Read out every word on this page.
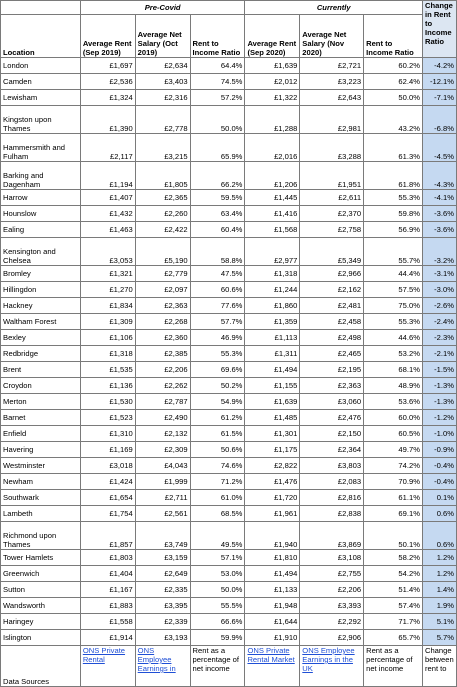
	Pre-Covid			Currently			Change in Rent to Income Ratio
Location	Average Rent (Sep 2019)	Average Net Salary (Oct 2019)	Rent to Income Ratio	Average Rent (Sep 2020)	Average Net Salary (Nov 2020)	Rent to Income Ratio	
London	£1,697	£2,634	64.4%	£1,639	£2,721	60.2%	-4.2%
Camden	£2,536	£3,403	74.5%	£2,012	£3,223	62.4%	-12.1%
Lewisham	£1,324	£2,316	57.2%	£1,322	£2,643	50.0%	-7.1%
Kingston upon Thames	£1,390	£2,778	50.0%	£1,288	£2,981	43.2%	-6.8%
Hammersmith and Fulham	£2,117	£3,215	65.9%	£2,016	£3,288	61.3%	-4.5%
Barking and Dagenham	£1,194	£1,805	66.2%	£1,206	£1,951	61.8%	-4.3%
Harrow	£1,407	£2,365	59.5%	£1,445	£2,611	55.3%	-4.1%
Hounslow	£1,432	£2,260	63.4%	£1,416	£2,370	59.8%	-3.6%
Ealing	£1,463	£2,422	60.4%	£1,568	£2,758	56.9%	-3.6%
Kensington and Chelsea	£3,053	£5,190	58.8%	£2,977	£5,349	55.7%	-3.2%
Bromley	£1,321	£2,779	47.5%	£1,318	£2,966	44.4%	-3.1%
Hillingdon	£1,270	£2,097	60.6%	£1,244	£2,162	57.5%	-3.0%
Hackney	£1,834	£2,363	77.6%	£1,860	£2,481	75.0%	-2.6%
Waltham Forest	£1,309	£2,268	57.7%	£1,359	£2,458	55.3%	-2.4%
Bexley	£1,106	£2,360	46.9%	£1,113	£2,498	44.6%	-2.3%
Redbridge	£1,318	£2,385	55.3%	£1,311	£2,465	53.2%	-2.1%
Brent	£1,535	£2,206	69.6%	£1,494	£2,195	68.1%	-1.5%
Croydon	£1,136	£2,262	50.2%	£1,155	£2,363	48.9%	-1.3%
Merton	£1,530	£2,787	54.9%	£1,639	£3,060	53.6%	-1.3%
Barnet	£1,523	£2,490	61.2%	£1,485	£2,476	60.0%	-1.2%
Enfield	£1,310	£2,132	61.5%	£1,301	£2,150	60.5%	-1.0%
Havering	£1,169	£2,309	50.6%	£1,175	£2,364	49.7%	-0.9%
Westminster	£3,018	£4,043	74.6%	£2,822	£3,803	74.2%	-0.4%
Newham	£1,424	£1,999	71.2%	£1,476	£2,083	70.9%	-0.4%
Southwark	£1,654	£2,711	61.0%	£1,720	£2,816	61.1%	0.1%
Lambeth	£1,754	£2,561	68.5%	£1,961	£2,838	69.1%	0.6%
Richmond upon Thames	£1,857	£3,749	49.5%	£1,940	£3,869	50.1%	0.6%
Tower Hamlets	£1,803	£3,159	57.1%	£1,810	£3,108	58.2%	1.2%
Greenwich	£1,404	£2,649	53.0%	£1,494	£2,755	54.2%	1.2%
Sutton	£1,167	£2,335	50.0%	£1,133	£2,206	51.4%	1.4%
Wandsworth	£1,883	£3,395	55.5%	£1,948	£3,393	57.4%	1.9%
Haringey	£1,558	£2,339	66.6%	£1,644	£2,292	71.7%	5.1%
Islington	£1,914	£3,193	59.9%	£1,910	£2,906	65.7%	5.7%
Data Sources	ONS Private Rental	ONS Employee Earnings in	Rent as a percentage of net income	ONS Private Rental Market	ONS Employee Earnings in the UK	Rent as a percentage of net income	Change between rent to
